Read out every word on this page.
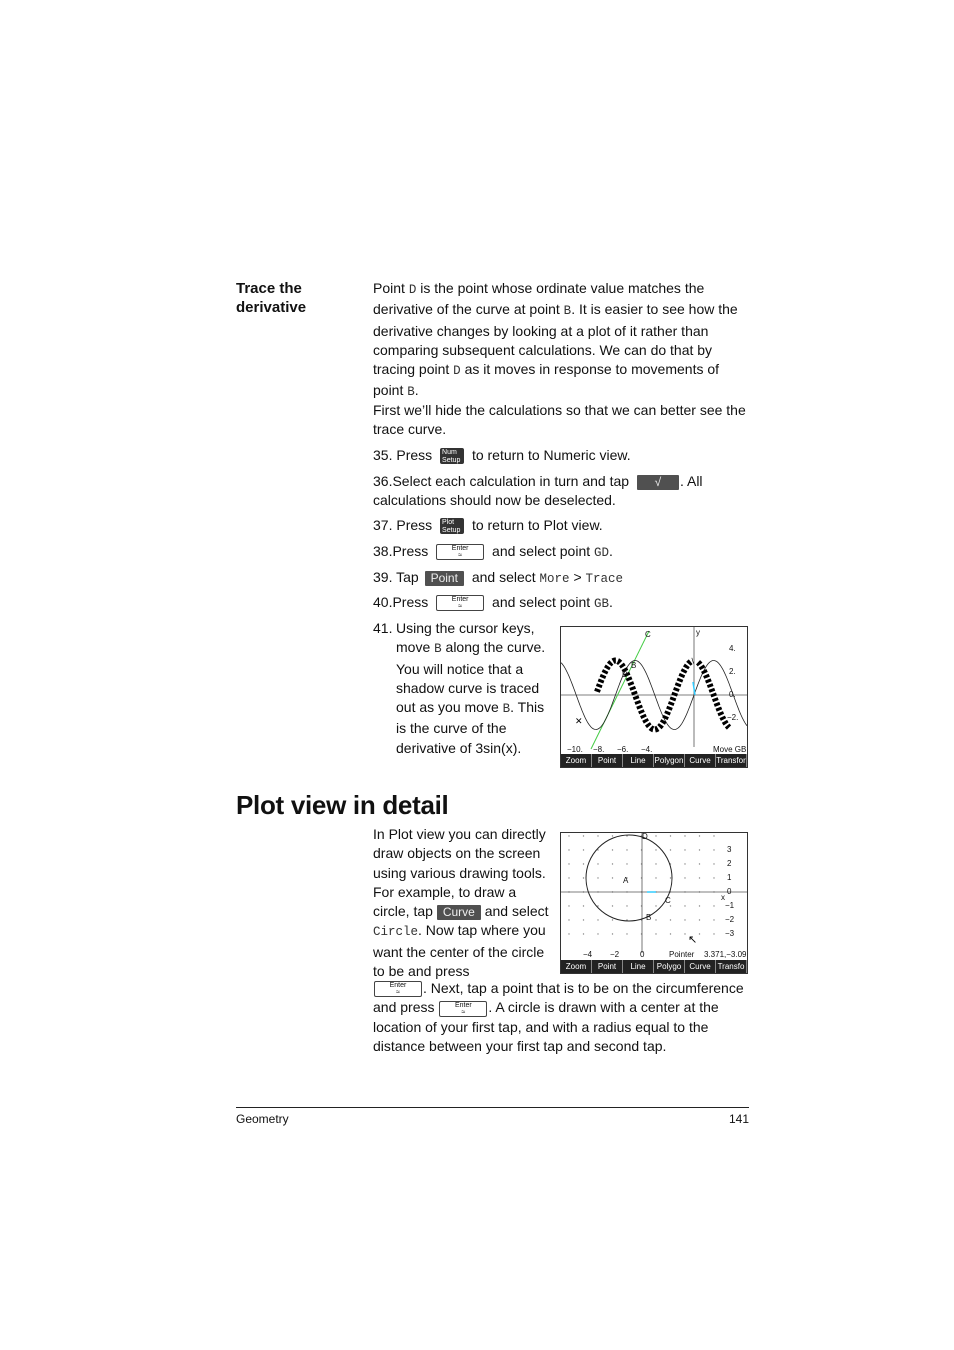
Trace the derivative
Point D is the point whose ordinate value matches the derivative of the curve at point B. It is easier to see how the derivative changes by looking at a plot of it rather than comparing subsequent calculations. We can do that by tracing point D as it moves in response to movements of point B.
First we’ll hide the calculations so that we can better see the trace curve.
35. Press Num
Setup to return to Numeric view.
36.Select each calculation in turn and tap √ . All calculations should now be deselected.
37. Press Plot
Setup to return to Plot view.
38.Press	Enter
≈ and select point GD.
39. Tap Point and select More > Trace
40.Press	Enter
≈ and select point GB.
41. Using the cursor keys, move B along the curve. You will notice that a shadow curve is traced out as you move B. This is the curve of the derivative of 3sin(x).
✕
C
B
D
y
4.
2.
0.
−2.
−10. −8. −6. −4.	Move GB
Zoom	Point	Line	Polygon Curve Transfor
Plot view in detail
In Plot view you can directly draw objects on the screen using various drawing tools. For example, to draw a circle, tap Curve and select Circle. Now tap where you want the center of the circle to be and press
Enter
≈ . Next, tap a point that is to be on the circumference and press Enter
≈ . A circle is drawn with a center at the location of your first tap, and with a radius equal to the distance between your first tap and second tap.
↖
A
D
C
B
x
3
2
1
0
−1
−2
−3
−4 −2	0	Pointer 3.371,−3.09
Zoom	Point	Line	Polygo	Curve Transfo
Geometry	141
